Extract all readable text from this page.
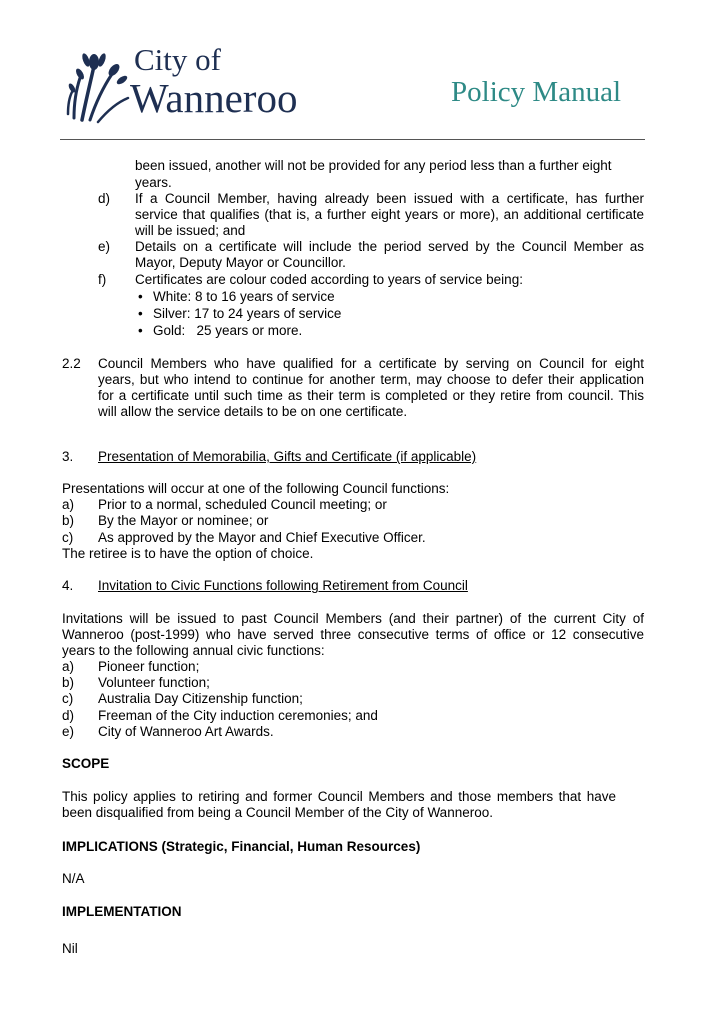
City of
Wanneroo	Policy Manual
been issued, another will not be provided for any period less than a further eight
years.
d) If a Council Member, having already been issued with a certificate, has further
service that qualifies (that is, a further eight years or more), an additional certificate
will be issued; and
e) Details on a certificate will include the period served by the Council Member as
Mayor, Deputy Mayor or Councillor.
f) Certificates are colour coded according to years of service being:
• White: 8 to 16 years of service
• Silver: 17 to 24 years of service
• Gold:   25 years or more.
2.2 Council Members who have qualified for a certificate by serving on Council for eight
years, but who intend to continue for another term, may choose to defer their application
for a certificate until such time as their term is completed or they retire from council. This
will allow the service details to be on one certificate.
3. Presentation of Memorabilia, Gifts and Certificate (if applicable)
Presentations will occur at one of the following Council functions:
a) Prior to a normal, scheduled Council meeting; or
b) By the Mayor or nominee; or
c) As approved by the Mayor and Chief Executive Officer.
The retiree is to have the option of choice.
4. Invitation to Civic Functions following Retirement from Council
Invitations will be issued to past Council Members (and their partner) of the current City of
Wanneroo (post-1999) who have served three consecutive terms of office or 12 consecutive
years to the following annual civic functions:
a) Pioneer function;
b) Volunteer function;
c) Australia Day Citizenship function;
d) Freeman of the City induction ceremonies; and
e) City of Wanneroo Art Awards.
SCOPE
This policy applies to retiring and former Council Members and those members that have
been disqualified from being a Council Member of the City of Wanneroo.
IMPLICATIONS (Strategic, Financial, Human Resources)
N/A
IMPLEMENTATION
Nil
